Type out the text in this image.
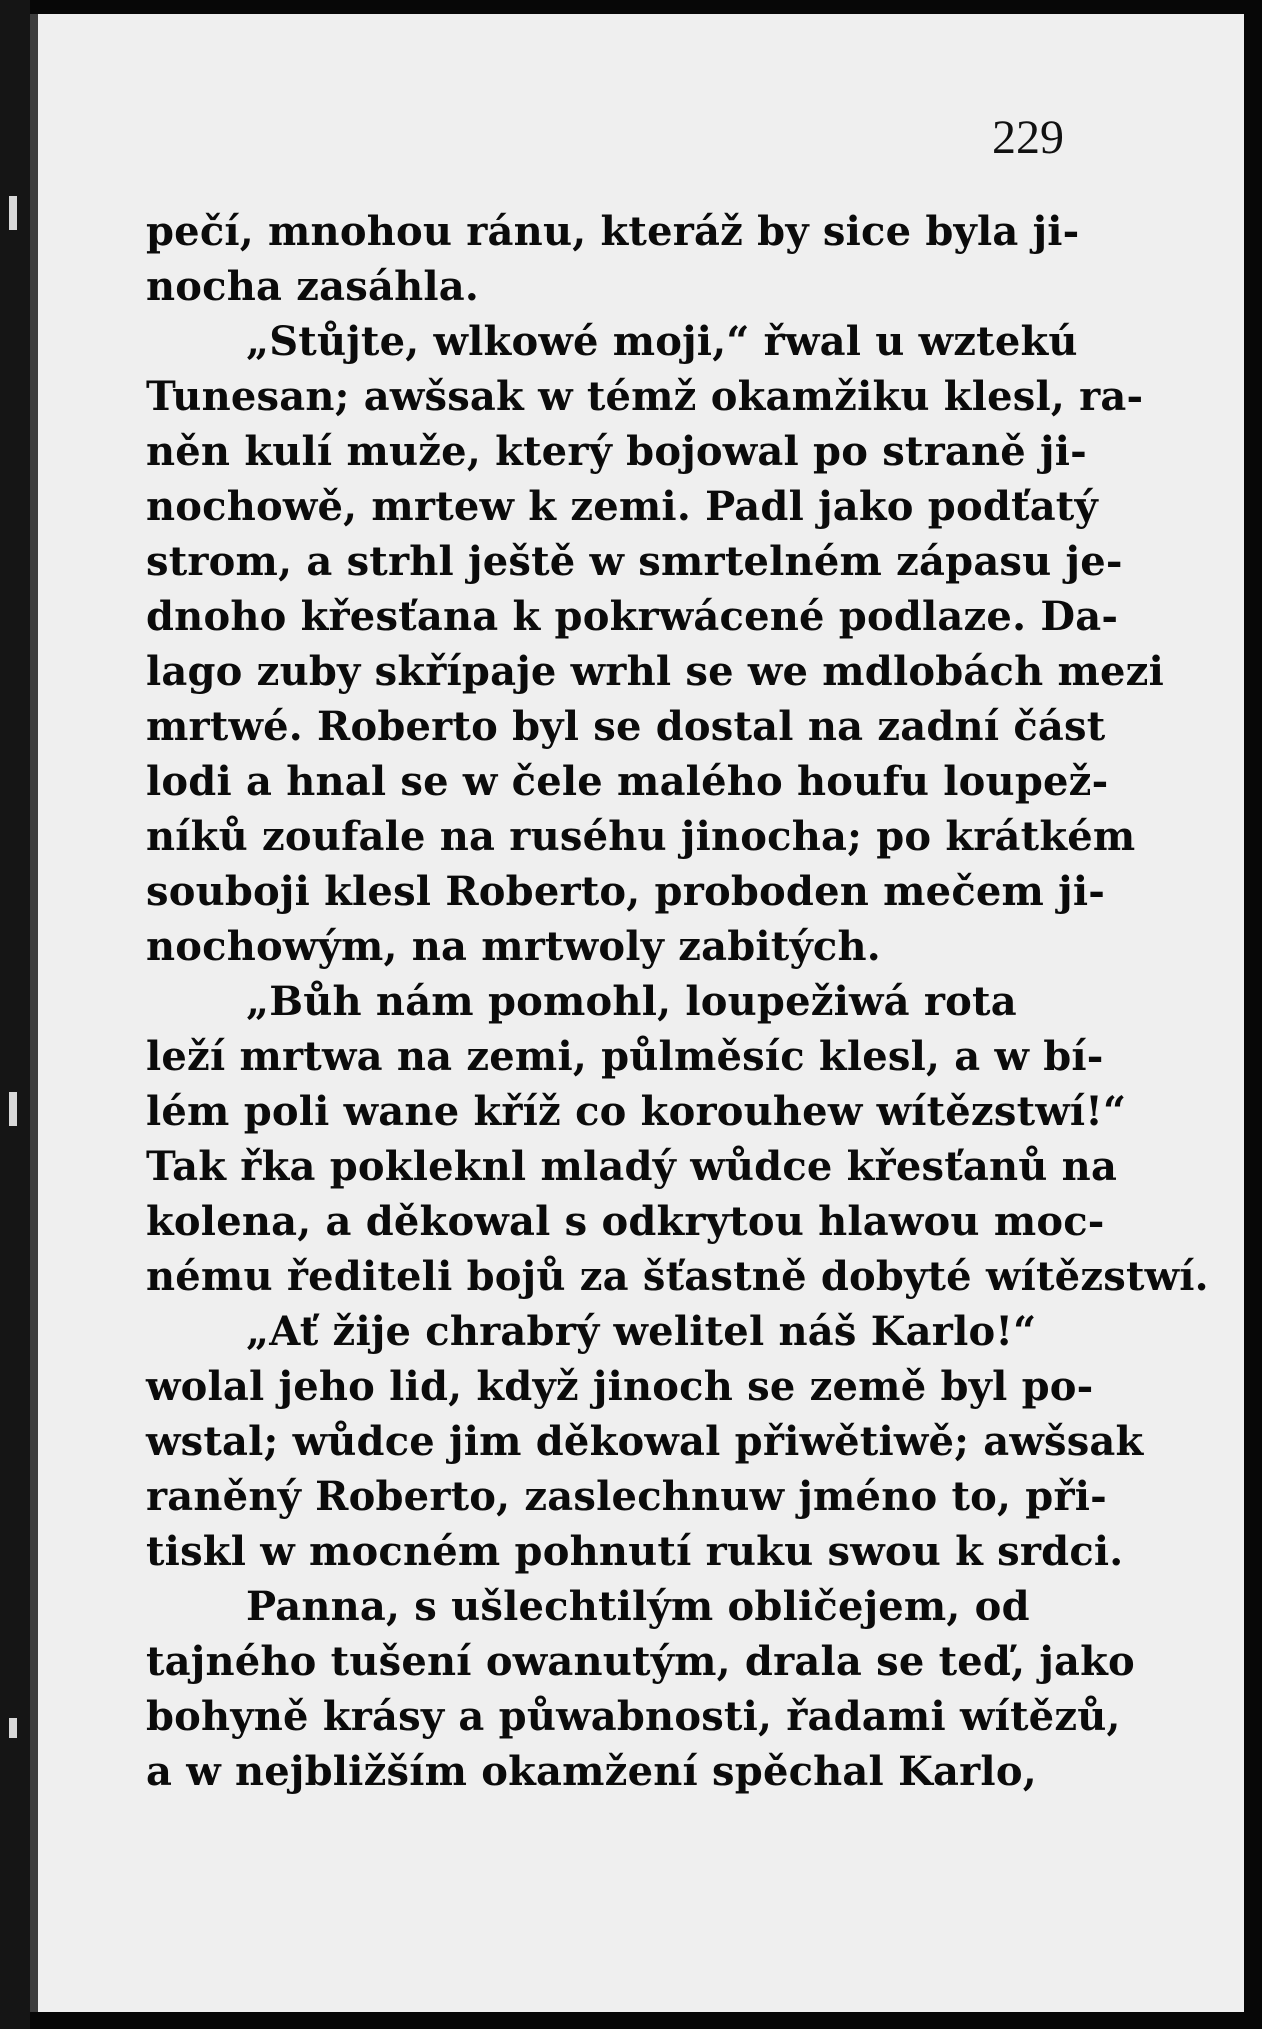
229
pečí, mnohou ránu, kteráž by sice byla ji-
nocha zasáhla.
„Stůjte, wlkowé moji,“ řwal u wztekú
Tunesan; awšsak w témž okamžiku klesl, ra-
něn kulí muže, který bojowal po straně ji-
nochowě, mrtew k zemi. Padl jako podťatý
strom, a strhl ještě w smrtelném zápasu je-
dnoho křesťana k pokrwácené podlaze. Da-
lago zuby skřípaje wrhl se we mdlobách mezi
mrtwé. Roberto byl se dostal na zadní část
lodi a hnal se w čele malého houfu loupež-
níků zoufale na ruséhu jinocha; po krátkém
souboji klesl Roberto, proboden mečem ji-
nochowým, na mrtwoly zabitých.
„Bůh nám pomohl, loupežiwá rota
leží mrtwa na zemi, půlměsíc klesl, a w bí-
lém poli wane kříž co korouhew wítězstwí!“
Tak řka pokleknl mladý wůdce křesťanů na
kolena, a děkowal s odkrytou hlawou moc-
nému řediteli bojů za šťastně dobyté wítězstwí.
„Ať žije chrabrý welitel náš Karlo!“
wolal jeho lid, když jinoch se země byl po-
wstal; wůdce jim děkowal přiwětiwě; awšsak
raněný Roberto, zaslechnuw jméno to, při-
tiskl w mocném pohnutí ruku swou k srdci.
Panna, s ušlechtilým obličejem, od
tajného tušení owanutým, drala se teď, jako
bohyně krásy a půwabnosti, řadami wítězů,
a w nejbližším okamžení spěchal Karlo,
